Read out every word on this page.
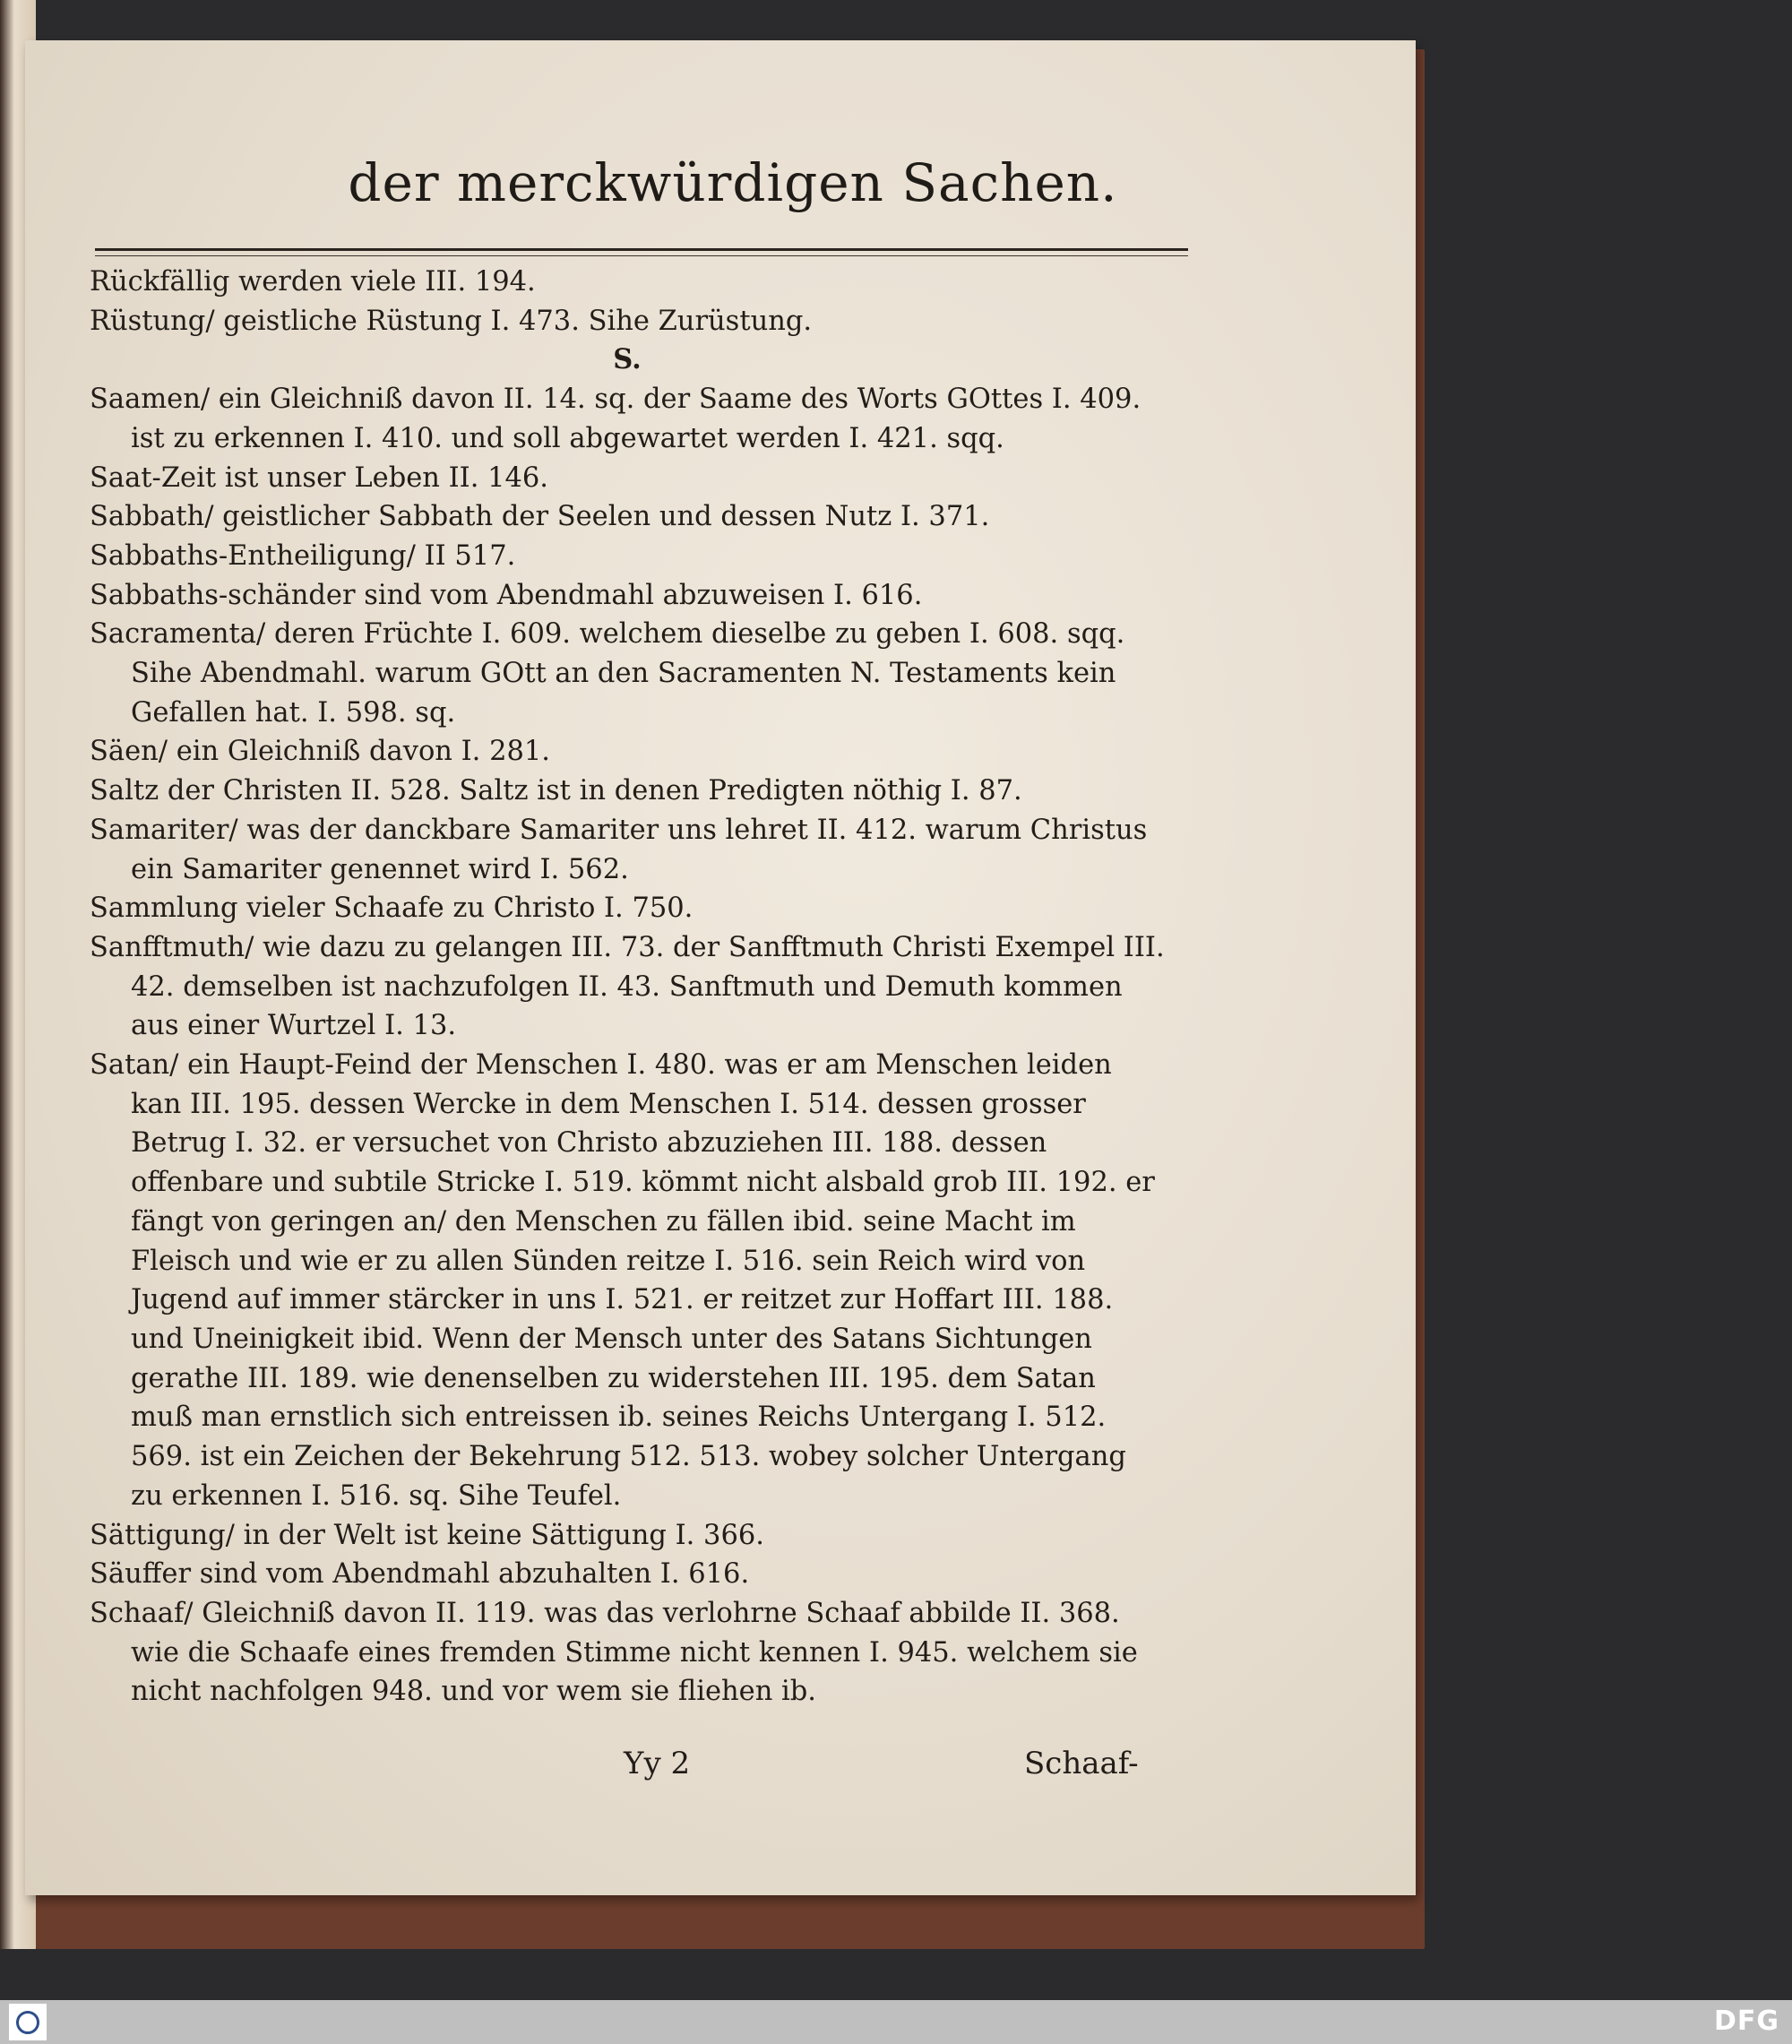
der merckwürdigen Sachen.

Rückfällig werden viele III. 194.

Rüstung/ geistliche Rüstung I. 473. Sihe Zurüstung.

S.

Saamen/ ein Gleichniß davon II. 14. sq. der Saame des Worts GOttes I. 409. ist zu erkennen I. 410. und soll abgewartet werden I. 421. sqq.

Saat-Zeit ist unser Leben II. 146.

Sabbath/ geistlicher Sabbath der Seelen und dessen Nutz I. 371.

Sabbaths-Entheiligung/ II 517.

Sabbaths-schänder sind vom Abendmahl abzuweisen I. 616.

Sacramenta/ deren Früchte I. 609. welchem dieselbe zu geben I. 608. sqq. Sihe Abendmahl. warum GOtt an den Sacramenten N. Testaments kein Gefallen hat. I. 598. sq.

Säen/ ein Gleichniß davon I. 281.

Saltz der Christen II. 528. Saltz ist in denen Predigten nöthig I. 87.

Samariter/ was der danckbare Samariter uns lehret II. 412. warum Christus ein Samariter genennet wird I. 562.

Sammlung vieler Schaafe zu Christo I. 750.

Sanfftmuth/ wie dazu zu gelangen III. 73. der Sanfftmuth Christi Exempel III. 42. demselben ist nachzufolgen II. 43. Sanftmuth und Demuth kommen aus einer Wurtzel I. 13.

Satan/ ein Haupt-Feind der Menschen I. 480. was er am Menschen leiden kan III. 195. dessen Wercke in dem Menschen I. 514. dessen grosser Betrug I. 32. er versuchet von Christo abzuziehen III. 188. dessen offenbare und subtile Stricke I. 519. kömmt nicht alsbald grob III. 192. er fängt von geringen an/ den Menschen zu fällen ibid. seine Macht im Fleisch und wie er zu allen Sünden reitze I. 516. sein Reich wird von Jugend auf immer stärcker in uns I. 521. er reitzet zur Hoffart III. 188. und Uneinigkeit ibid. Wenn der Mensch unter des Satans Sichtungen gerathe III. 189. wie denenselben zu widerstehen III. 195. dem Satan muß man ernstlich sich entreissen ib. seines Reichs Untergang I. 512. 569. ist ein Zeichen der Bekehrung 512. 513. wobey solcher Untergang zu erkennen I. 516. sq. Sihe Teufel.

Sättigung/ in der Welt ist keine Sättigung I. 366.

Säuffer sind vom Abendmahl abzuhalten I. 616.

Schaaf/ Gleichniß davon II. 119. was das verlohrne Schaaf abbilde II. 368. wie die Schaafe eines fremden Stimme nicht kennen I. 945. welchem sie nicht nachfolgen 948. und vor wem sie fliehen ib.

Yy 2	Schaaf-
DFG
